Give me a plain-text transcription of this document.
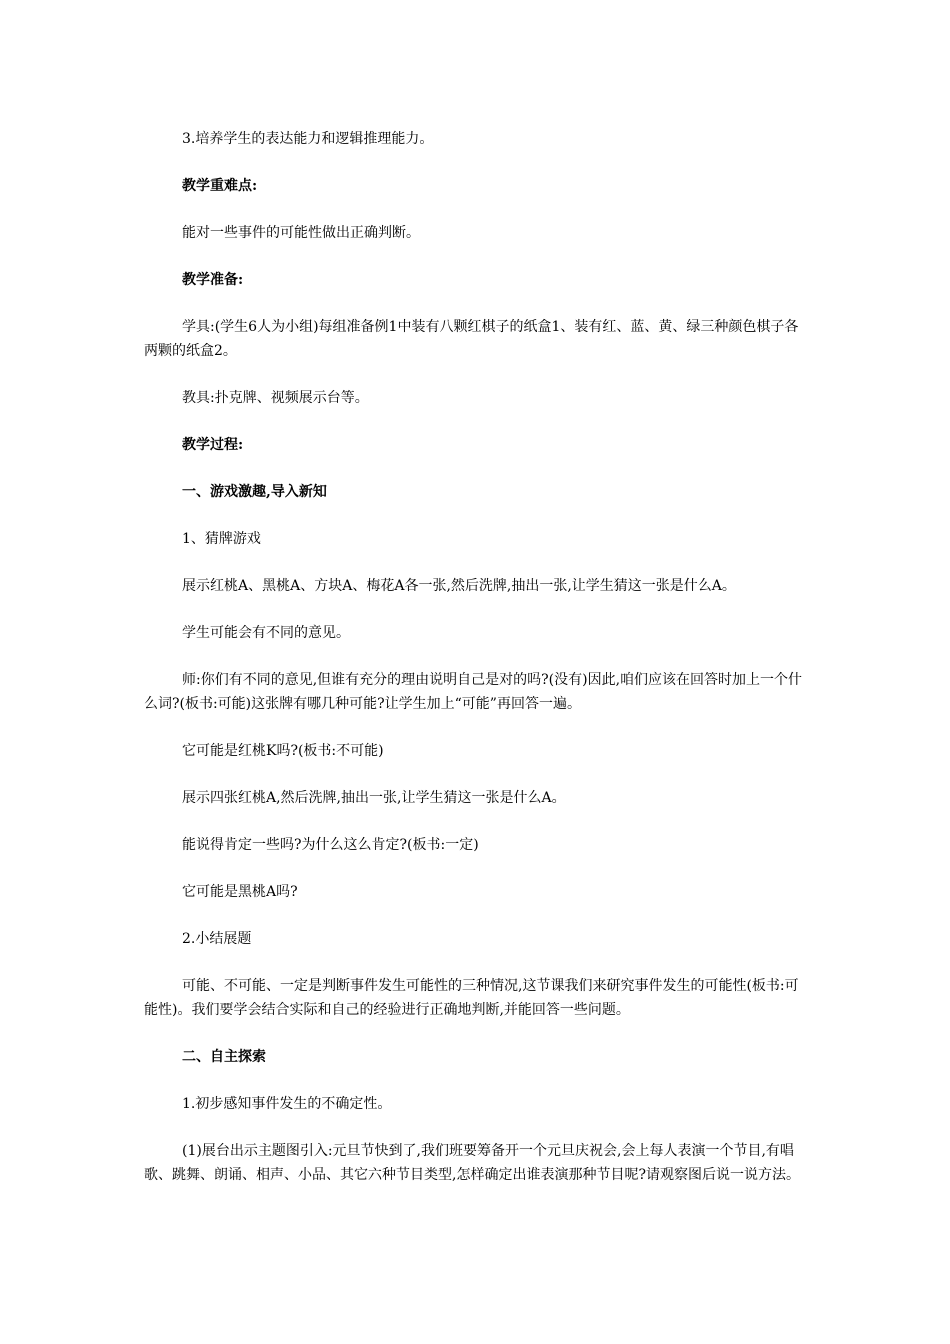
3.培养学生的表达能力和逻辑推理能力。

教学重难点:

能对一些事件的可能性做出正确判断。

教学准备:

学具:(学生6人为小组)每组准备例1中装有八颗红棋子的纸盒1、装有红、蓝、黄、绿三种颜色棋子各两颗的纸盒2。

教具:扑克牌、视频展示台等。

教学过程:

一、游戏激趣,导入新知

1、猜牌游戏

展示红桃A、黑桃A、方块A、梅花A各一张,然后洗牌,抽出一张,让学生猜这一张是什么A。

学生可能会有不同的意见。

师:你们有不同的意见,但谁有充分的理由说明自己是对的吗?(没有)因此,咱们应该在回答时加上一个什么词?(板书:可能)这张牌有哪几种可能?让学生加上“可能”再回答一遍。

它可能是红桃K吗?(板书:不可能)

展示四张红桃A,然后洗牌,抽出一张,让学生猜这一张是什么A。

能说得肯定一些吗?为什么这么肯定?(板书:一定)

它可能是黑桃A吗?

2.小结展题

可能、不可能、一定是判断事件发生可能性的三种情况,这节课我们来研究事件发生的可能性(板书:可能性)。我们要学会结合实际和自己的经验进行正确地判断,并能回答一些问题。

二、自主探索

1.初步感知事件发生的不确定性。

(1)展台出示主题图引入:元旦节快到了,我们班要筹备开一个元旦庆祝会,会上每人表演一个节目,有唱歌、跳舞、朗诵、相声、小品、其它六种节目类型,怎样确定出谁表演那种节目呢?请观察图后说一说方法。
